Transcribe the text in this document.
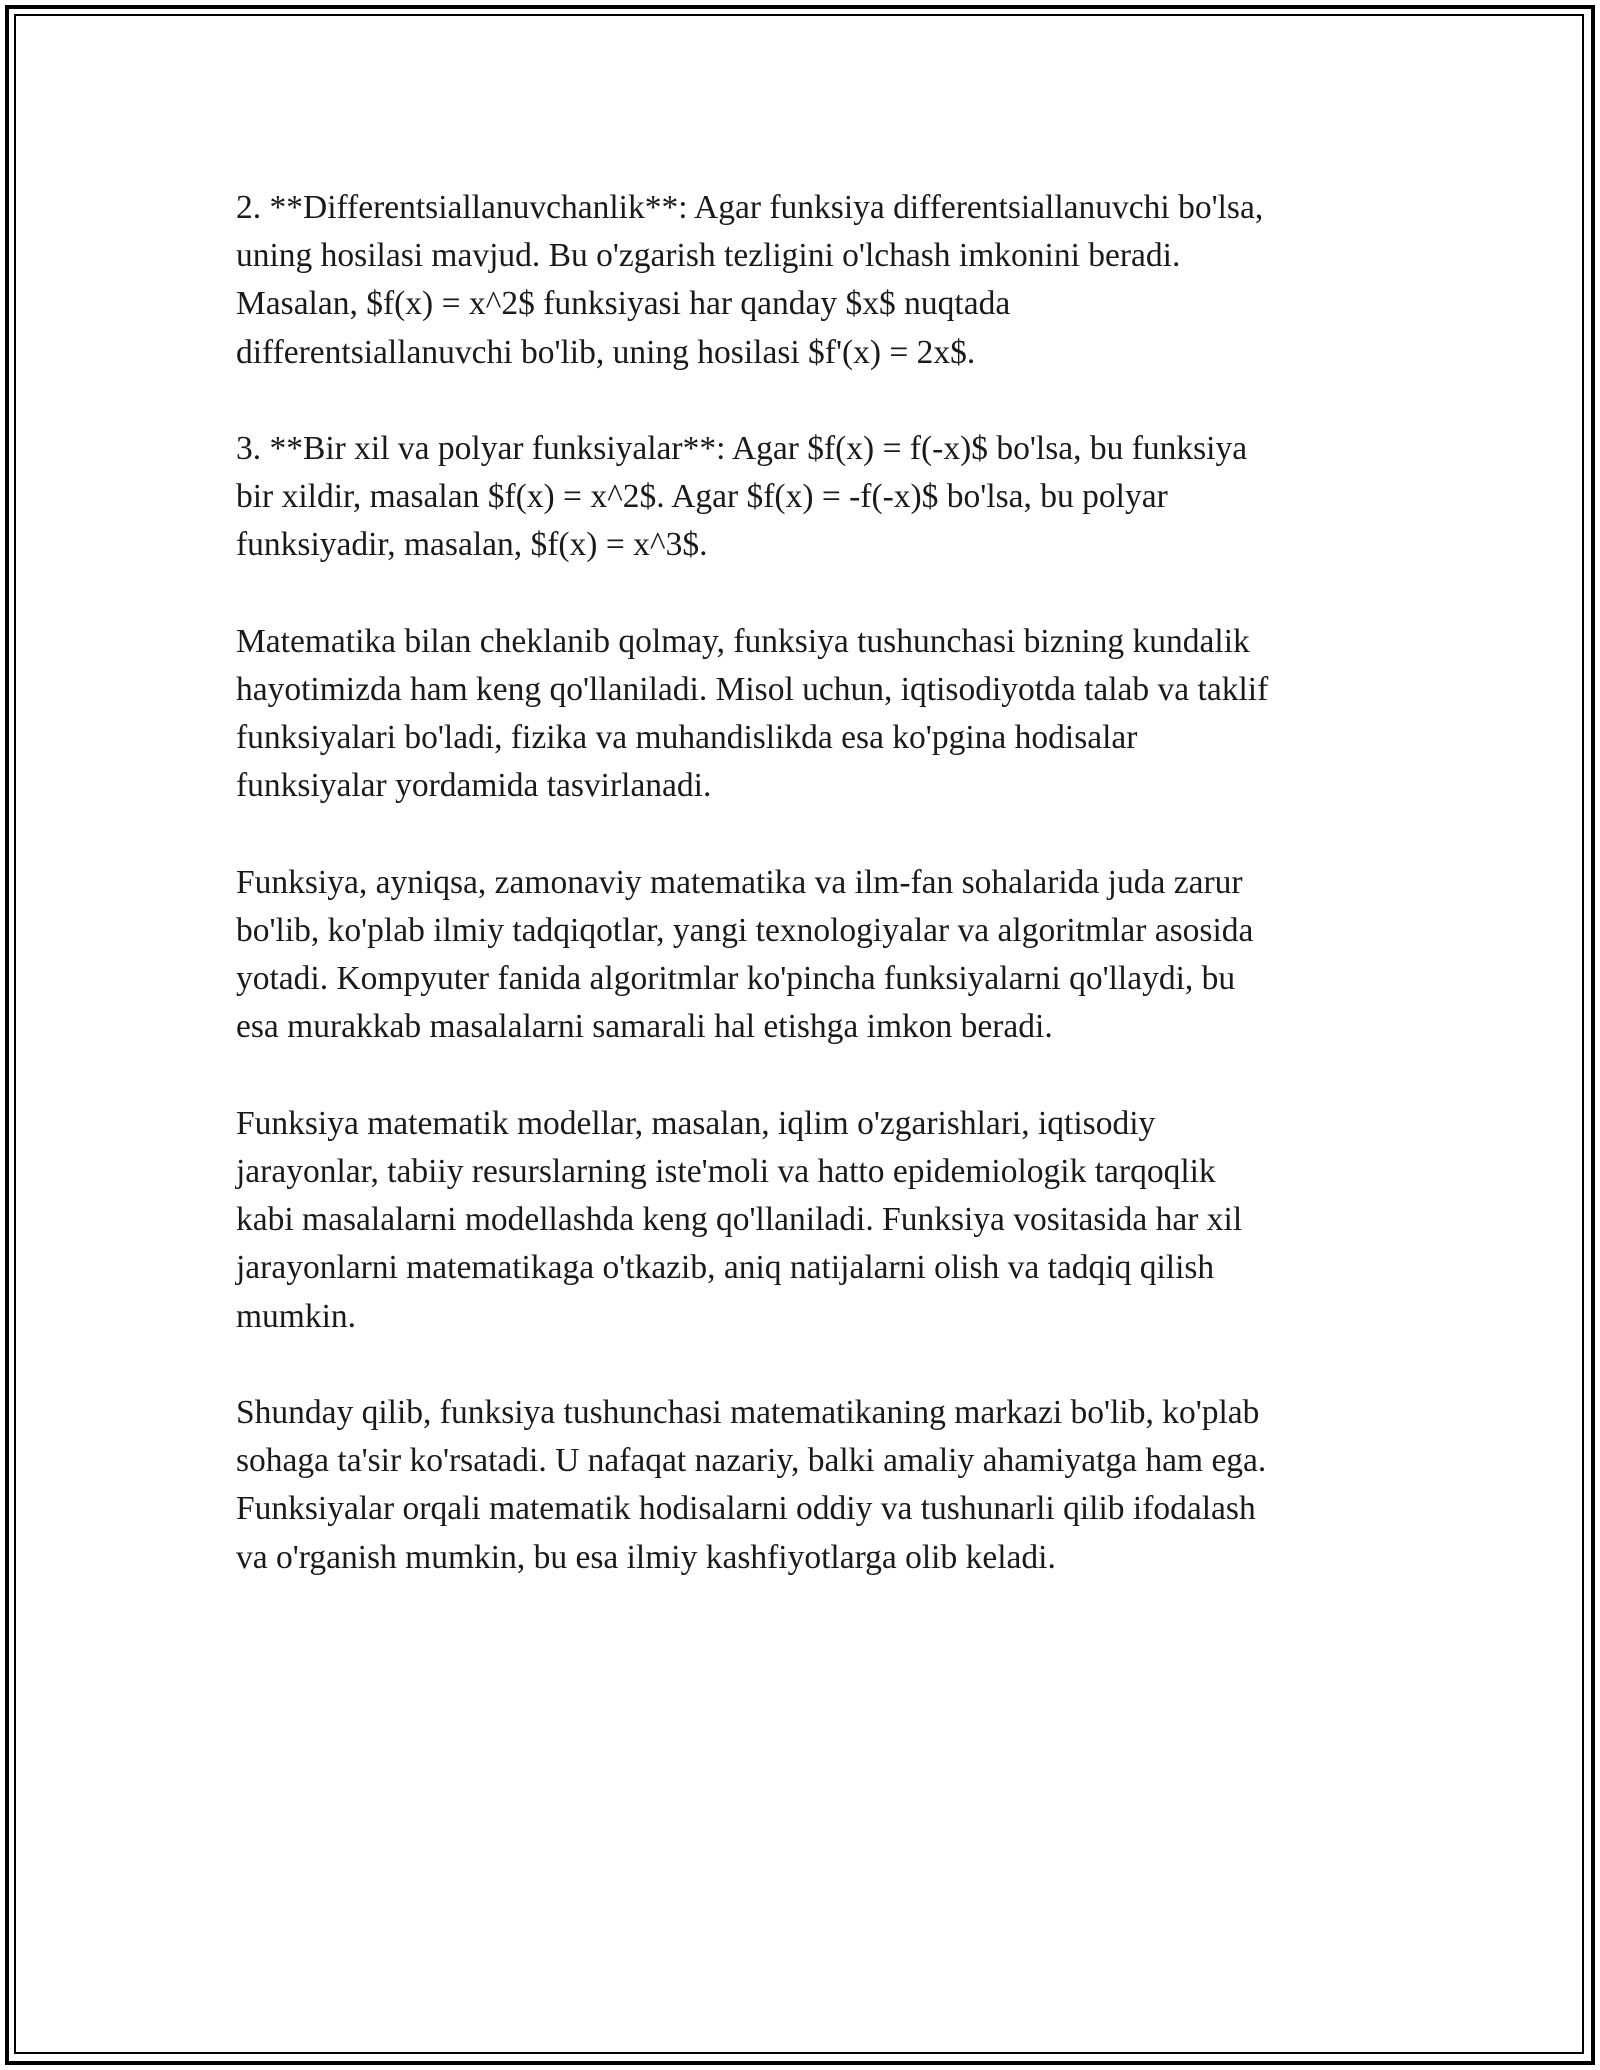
2. **Differentsiallanuvchanlik**: Agar funksiya differentsiallanuvchi bo'lsa,
uning hosilasi mavjud. Bu o'zgarish tezligini o'lchash imkonini beradi.
Masalan, $f(x) = x^2$ funksiyasi har qanday $x$ nuqtada
differentsiallanuvchi bo'lib, uning hosilasi $f'(x) = 2x$.

3. **Bir xil va polyar funksiyalar**: Agar $f(x) = f(-x)$ bo'lsa, bu funksiya
bir xildir, masalan $f(x) = x^2$. Agar $f(x) = -f(-x)$ bo'lsa, bu polyar
funksiyadir, masalan, $f(x) = x^3$.

Matematika bilan cheklanib qolmay, funksiya tushunchasi bizning kundalik
hayotimizda ham keng qo'llaniladi. Misol uchun, iqtisodiyotda talab va taklif
funksiyalari bo'ladi, fizika va muhandislikda esa ko'pgina hodisalar
funksiyalar yordamida tasvirlanadi.

Funksiya, ayniqsa, zamonaviy matematika va ilm-fan sohalarida juda zarur
bo'lib, ko'plab ilmiy tadqiqotlar, yangi texnologiyalar va algoritmlar asosida
yotadi. Kompyuter fanida algoritmlar ko'pincha funksiyalarni qo'llaydi, bu
esa murakkab masalalarni samarali hal etishga imkon beradi.

Funksiya matematik modellar, masalan, iqlim o'zgarishlari, iqtisodiy
jarayonlar, tabiiy resurslarning iste'moli va hatto epidemiologik tarqoqlik
kabi masalalarni modellashda keng qo'llaniladi. Funksiya vositasida har xil
jarayonlarni matematikaga o'tkazib, aniq natijalarni olish va tadqiq qilish
mumkin.

Shunday qilib, funksiya tushunchasi matematikaning markazi bo'lib, ko'plab
sohaga ta'sir ko'rsatadi. U nafaqat nazariy, balki amaliy ahamiyatga ham ega.
Funksiyalar orqali matematik hodisalarni oddiy va tushunarli qilib ifodalash
va o'rganish mumkin, bu esa ilmiy kashfiyotlarga olib keladi.
